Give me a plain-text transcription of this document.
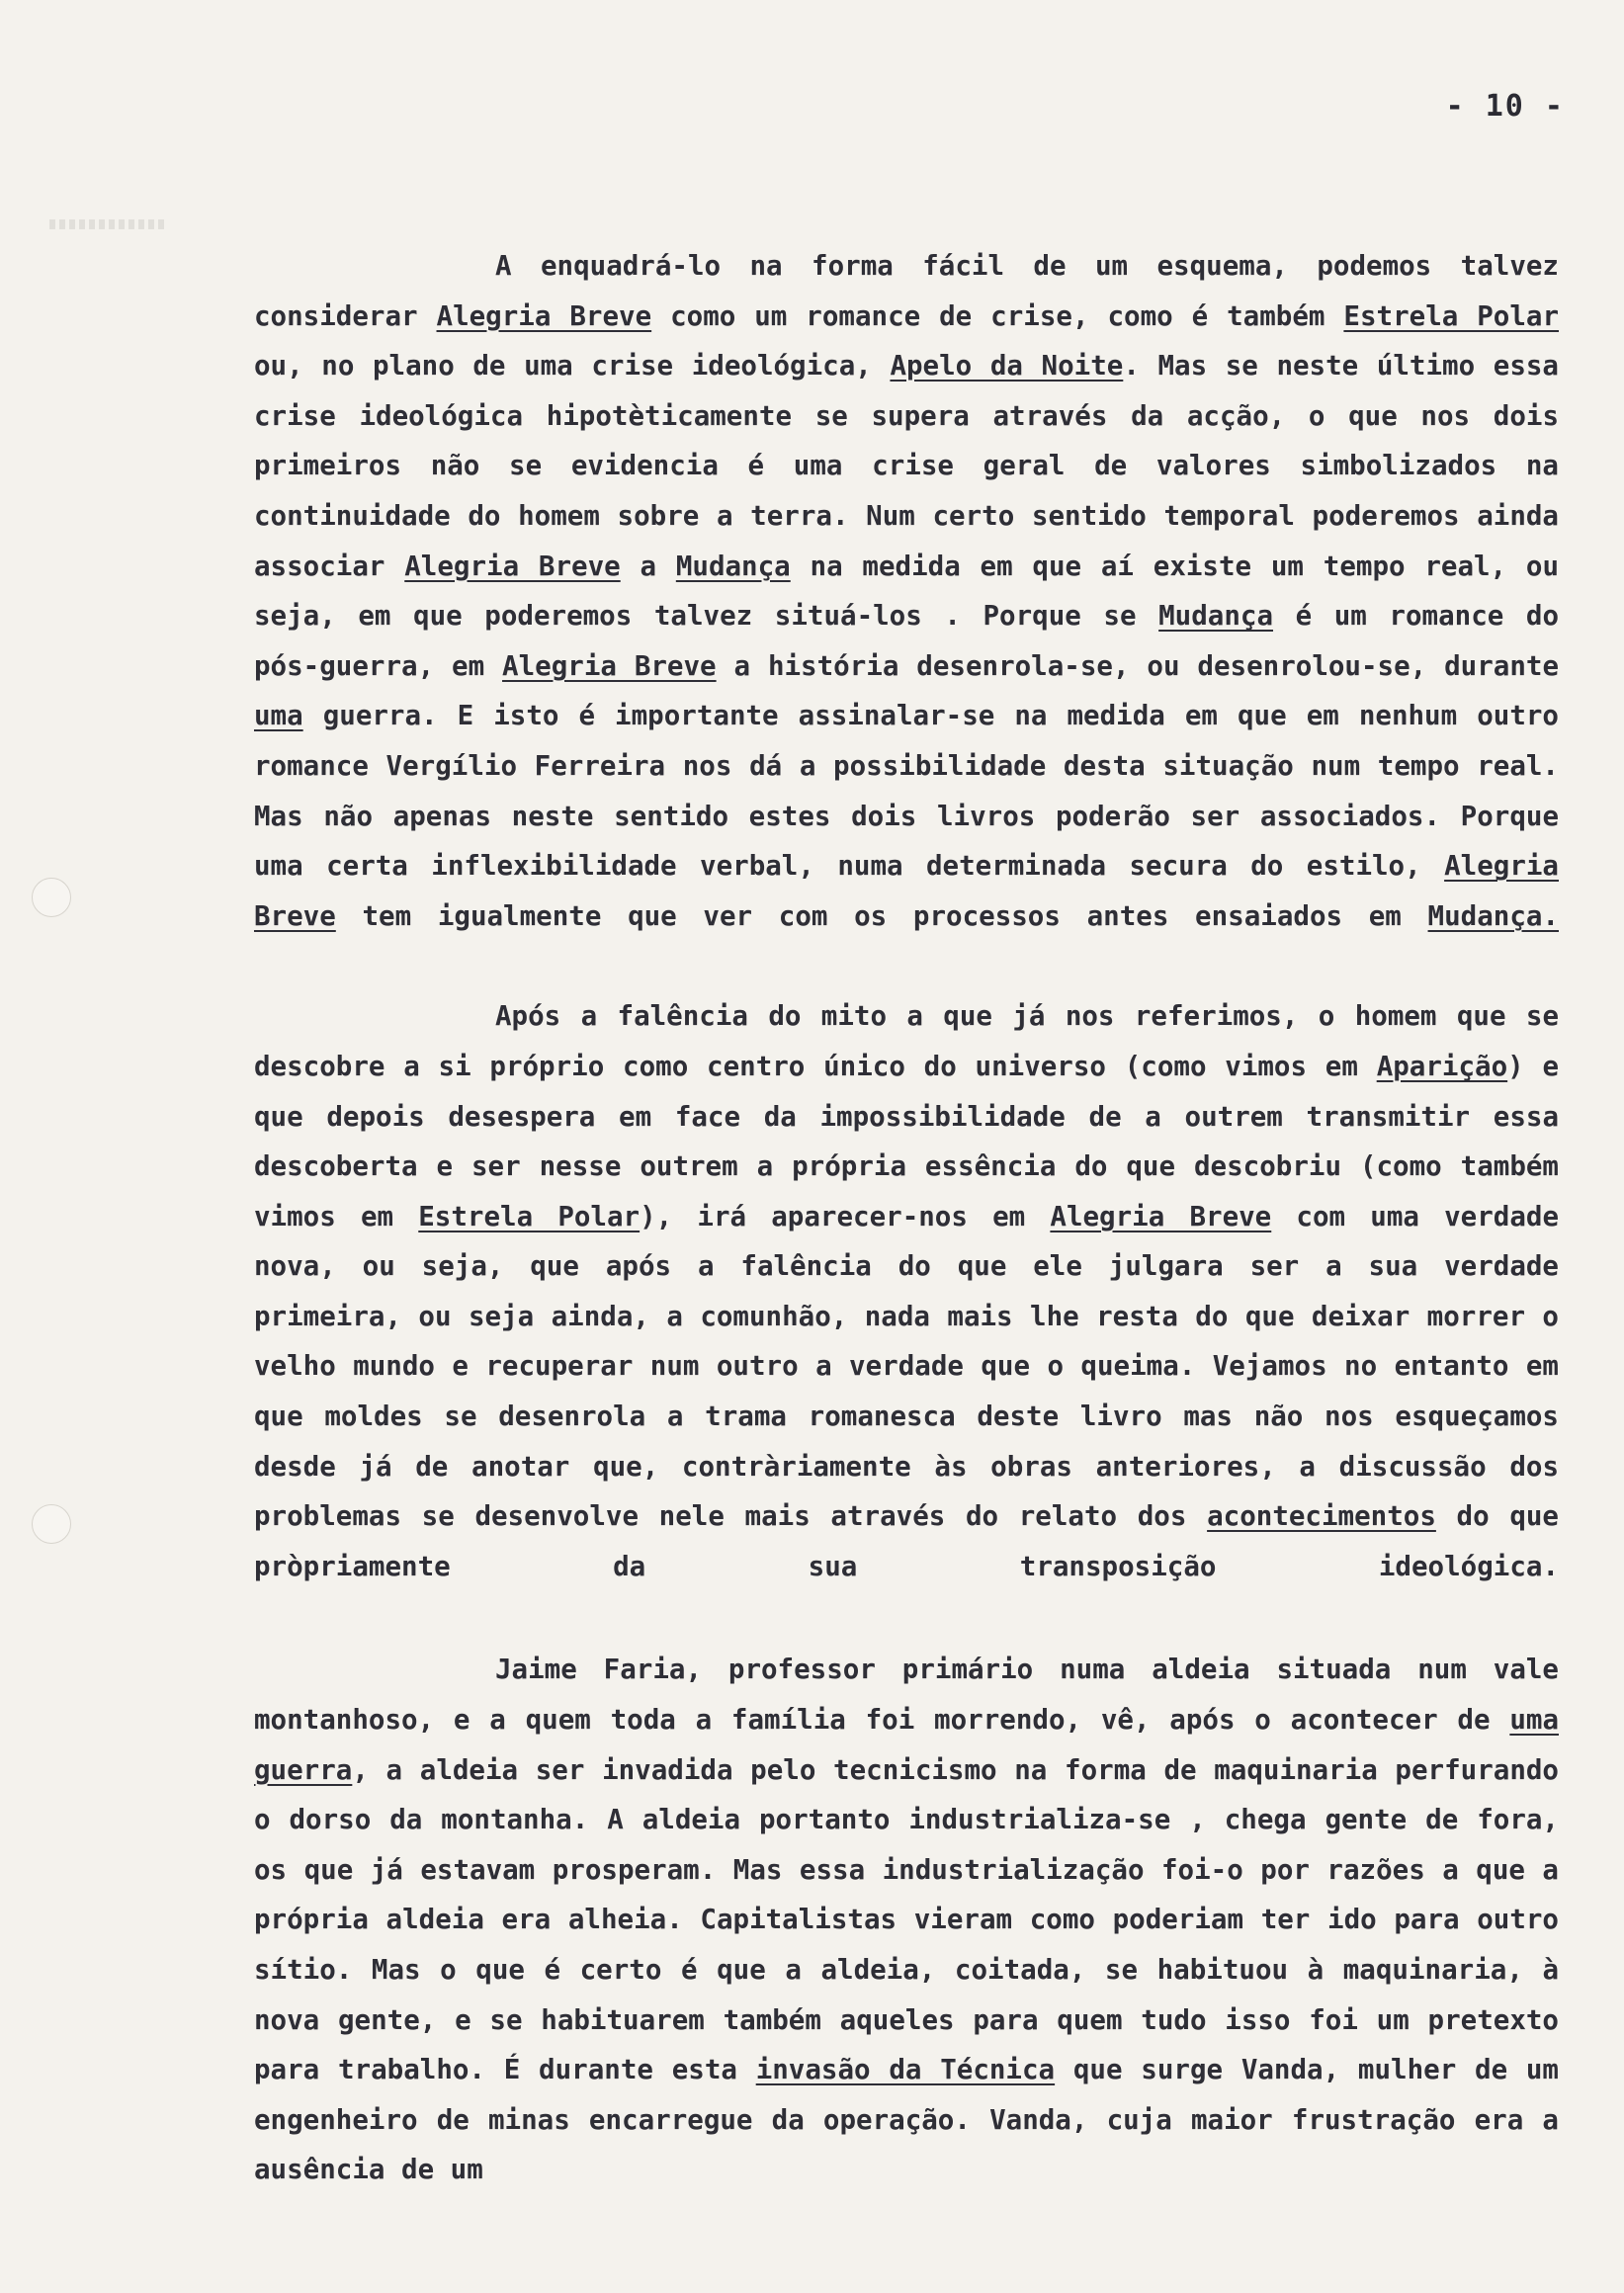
- 10 -

A enquadrá-lo na forma fácil de um esquema, podemos talvez considerar Alegria Breve como um romance de crise, como é também Estrela Polar ou, no plano de uma crise ideológica, Apelo da Noite. Mas se neste último essa crise ideológica hipotèticamente se supera através da acção, o que nos dois primeiros não se evidencia é uma crise geral de valores simbolizados na continuidade do homem sobre a terra. Num certo sentido temporal poderemos ainda associar Alegria Breve a Mudança na medida em que aí existe um tempo real, ou seja, em que poderemos talvez situá-los . Porque se Mudança é um romance do pós-guerra, em Alegria Breve a história desenrola-se, ou desenrolou-se, durante uma guerra. E isto é importante assinalar-se na medida em que em nenhum outro romance Vergílio Ferreira nos dá a possibilidade desta situação num tempo real. Mas não apenas neste sentido estes dois livros poderão ser associados. Porque uma certa inflexibilidade verbal, numa determinada secura do estilo, Alegria Breve tem igualmente que ver com os processos antes ensaiados em Mudança.

Após a falência do mito a que já nos referimos, o homem que se descobre a si próprio como centro único do universo (como vimos em Aparição) e que depois desespera em face da impossibilidade de a outrem transmitir essa descoberta e ser nesse outrem a própria essência do que descobriu (como também vimos em Estrela Polar), irá aparecer-nos em Alegria Breve com uma verdade nova, ou seja, que após a falência do que ele julgara ser a sua verdade primeira, ou seja ainda, a comunhão, nada mais lhe resta do que deixar morrer o velho mundo e recuperar num outro a verdade que o queima. Vejamos no entanto em que moldes se desenrola a trama romanesca deste livro mas não nos esqueçamos desde já de anotar que, contràriamente às obras anteriores, a discussão dos problemas se desenvolve nele mais através do relato dos acontecimentos do que pròpriamente da sua transposição ideológica.

Jaime Faria, professor primário numa aldeia situada num vale montanhoso, e a quem toda a família foi morrendo, vê, após o acontecer de uma guerra, a aldeia ser invadida pelo tecnicismo na forma de maquinaria perfurando o dorso da montanha. A aldeia portanto industrializa-se , chega gente de fora, os que já estavam prosperam. Mas essa industrialização foi-o por razões a que a própria aldeia era alheia. Capitalistas vieram como poderiam ter ido para outro sítio. Mas o que é certo é que a aldeia, coitada, se habituou à maquinaria, à nova gente, e se habituarem também aqueles para quem tudo isso foi um pretexto para trabalho. É durante esta invasão da Técnica que surge Vanda, mulher de um engenheiro de minas encarregue da operação. Vanda, cuja maior frustração era a ausência de um
